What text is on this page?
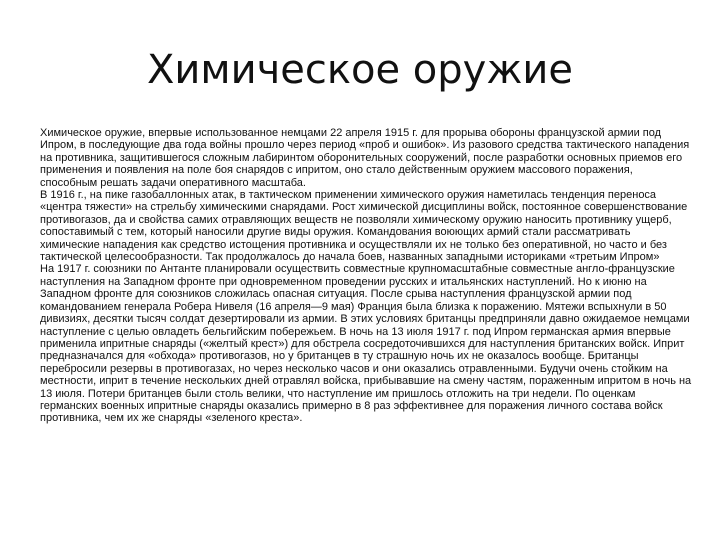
Химическое оружие

Химическое оружие, впервые использованное немцами 22 апреля 1915 г. для прорыва обороны французской армии под Ипром, в последующие два года войны прошло через период «проб и ошибок». Из разового средства тактического нападения на противника, защитившегося сложным лабиринтом оборонительных сооружений, после разработки основных приемов его применения и появления на поле боя снарядов с ипритом, оно стало действенным оружием массового поражения, способным решать задачи оперативного масштаба.

В 1916 г., на пике газобаллонных атак, в тактическом применении химического оружия наметилась тенденция переноса «центра тяжести» на стрельбу химическими снарядами. Рост химической дисциплины войск, постоянное совершенствование противогазов, да и свойства самих отравляющих веществ не позволяли химическому оружию наносить противнику ущерб, сопоставимый с тем, который наносили другие виды оружия. Командования воюющих армий стали рассматривать химические нападения как средство истощения противника и осуществляли их не только без оперативной, но часто и без тактической целесообразности. Так продолжалось до начала боев, названных западными историками «третьим Ипром»

На 1917 г. союзники по Антанте планировали осуществить совместные крупномасштабные совместные англо-французские наступления на Западном фронте при одновременном проведении русских и итальянских наступлений. Но к июню на Западном фронте для союзников сложилась опасная ситуация. После срыва наступления французской армии под командованием генерала Робера Нивеля (16 апреля—9 мая) Франция была близка к поражению. Мятежи вспыхнули в 50 дивизиях, десятки тысяч солдат дезертировали из армии. В этих условиях британцы предприняли давно ожидаемое немцами наступление с целью овладеть бельгийским побережьем. В ночь на 13 июля 1917 г. под Ипром германская армия впервые применила ипритные снаряды («желтый крест») для обстрела сосредоточившихся для наступления британских войск. Иприт предназначался для «обхода» противогазов, но у британцев в ту страшную ночь их не оказалось вообще. Британцы перебросили резервы в противогазах, но через несколько часов и они оказались отравленными. Будучи очень стойким на местности, иприт в течение нескольких дней отравлял войска, прибывавшие на смену частям, пораженным ипритом в ночь на 13 июля. Потери британцев были столь велики, что наступление им пришлось отложить на три недели. По оценкам германских военных ипритные снаряды оказались примерно в 8 раз эффективнее для поражения личного состава войск противника, чем их же снаряды «зеленого креста».
